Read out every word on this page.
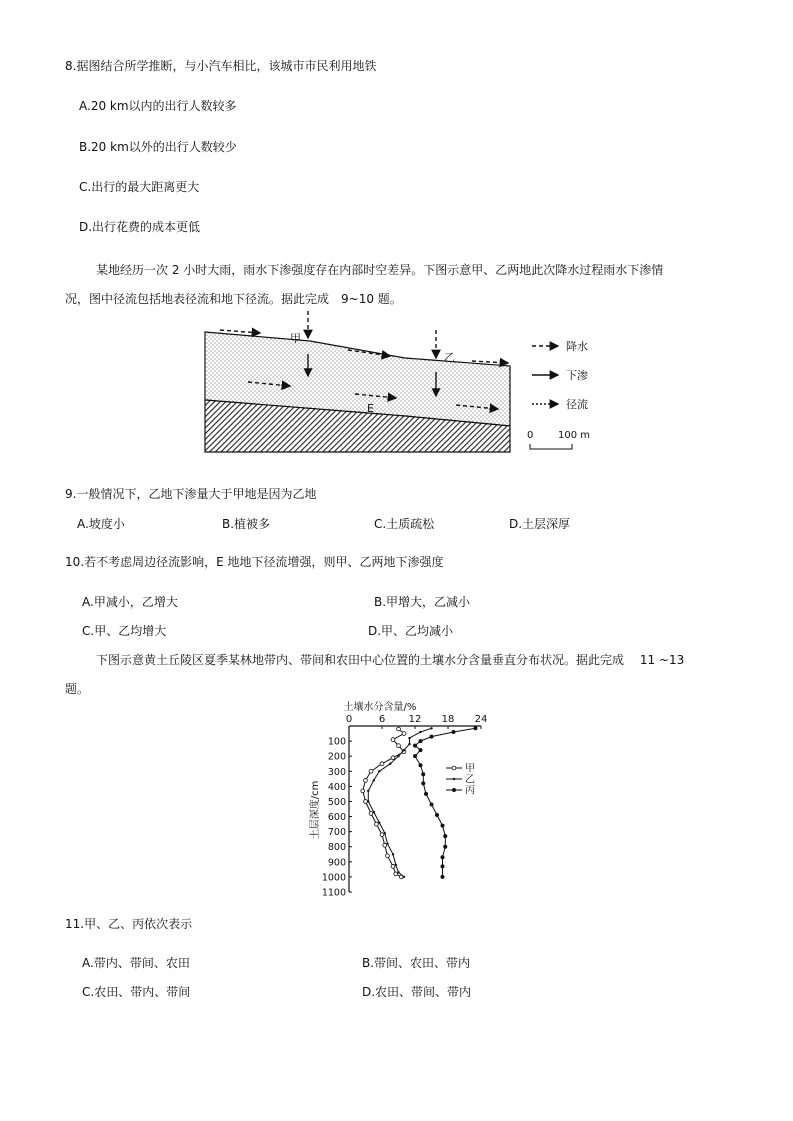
8.据图结合所学推断，与小汽车相比，该城市市民利用地铁
A.20 km以内的出行人数较多
B.20 km以外的出行人数较少
C.出行的最大距离更大
D.出行花费的成本更低
某地经历一次 2 小时大雨，雨水下渗强度存在内部时空差异。下图示意甲、乙两地此次降水过程雨水下渗情
况，图中径流包括地表径流和地下径流。据此完成　9~10 题。
甲
乙
E
降水
下渗
径流
0 100 m
9.一般情况下，乙地下渗量大于甲地是因为乙地
A.坡度小	B.植被多	C.土质疏松	D.土层深厚
10.若不考虑周边径流影响，E 地地下径流增强，则甲、乙两地下渗强度
A.甲减小，乙增大	B.甲增大，乙减小
C.甲、乙均增大	D.甲、乙均减小
下图示意黄土丘陵区夏季某林地带内、带间和农田中心位置的土壤水分含量垂直分布状况。据此完成　 11 ~13
题。
土壤水分含量/%
土层深度/cm
0	6 12 18 24
100
200
300
400
500
600
700
800
900
1000
1100
甲
乙
丙
11.甲、乙、丙依次表示
A.带内、带间、农田	B.带间、农田、带内
C.农田、带内、带间	D.农田、带间、带内
